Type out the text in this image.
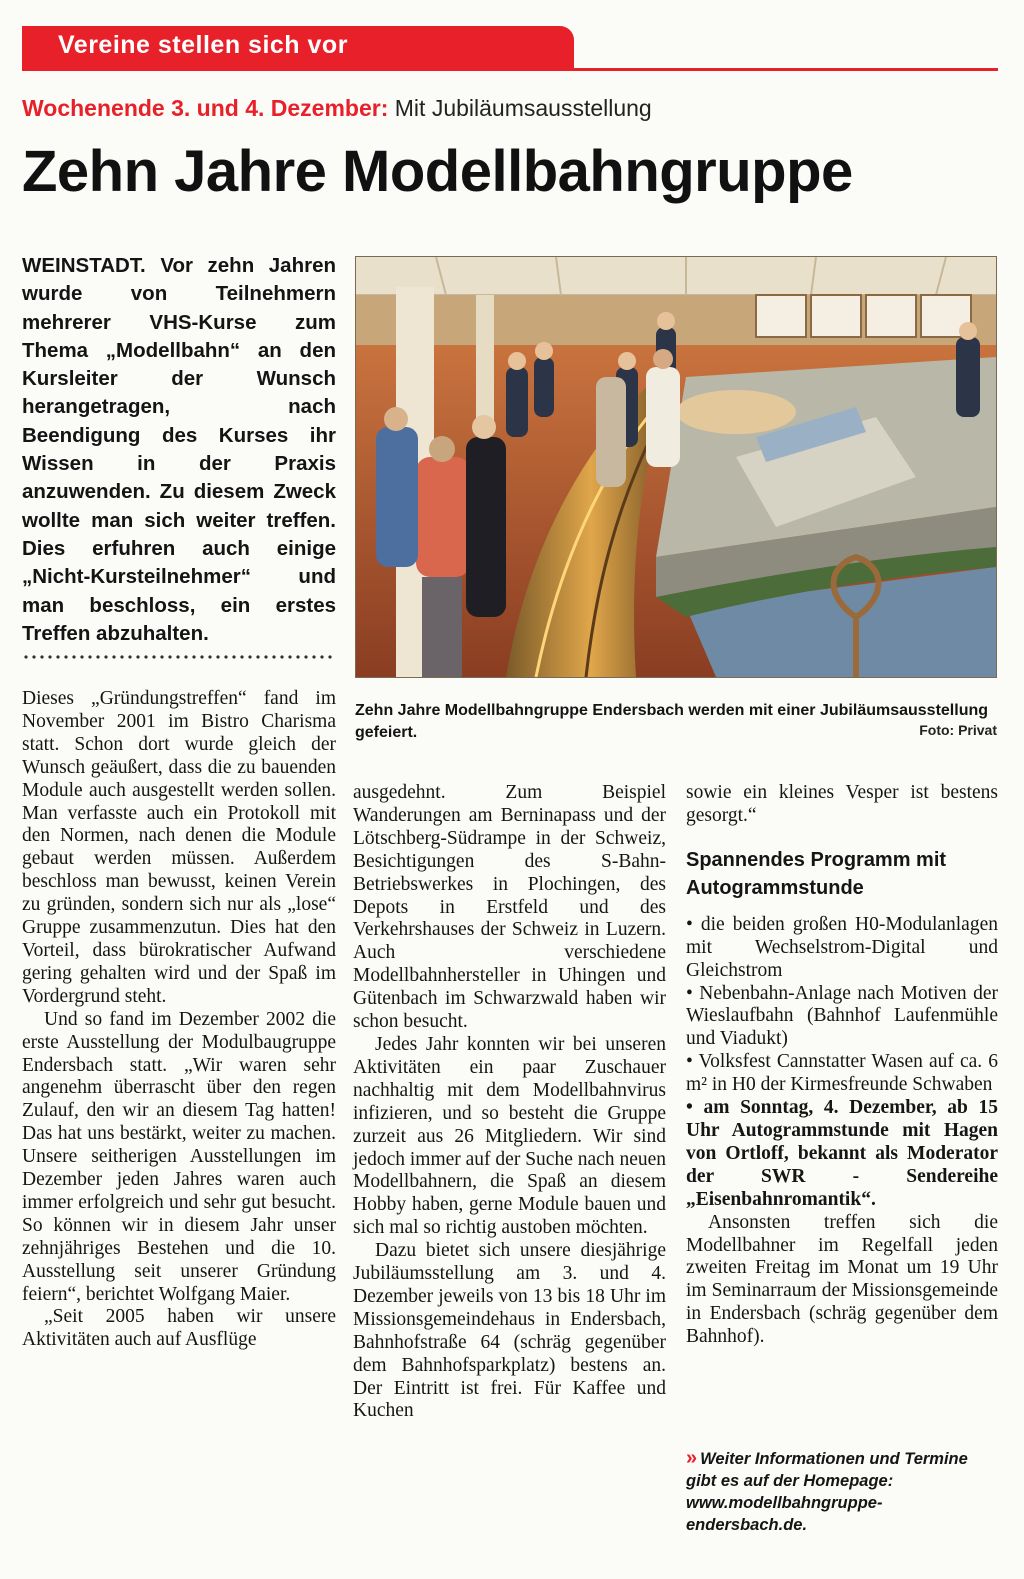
Vereine stellen sich vor
Wochenende 3. und 4. Dezember: Mit Jubiläumsausstellung
Zehn Jahre Modellbahngruppe
WEINSTADT. Vor zehn Jahren wurde von Teilnehmern mehrerer VHS-Kurse zum Thema „Modellbahn“ an den Kursleiter der Wunsch herangetragen, nach Beendigung des Kurses ihr Wissen in der Praxis anzuwenden. Zu diesem Zweck wollte man sich weiter treffen. Dies erfuhren auch einige „Nicht-Kursteilnehmer“ und man beschloss, ein erstes Treffen abzuhalten.
Zehn Jahre Modellbahngruppe Endersbach werden mit einer Jubiläumsausstellung gefeiert.	Foto: Privat

Dieses „Gründungstreffen“ fand im November 2001 im Bistro Charisma statt. Schon dort wurde gleich der Wunsch geäußert, dass die zu bauenden Module auch ausgestellt werden sollen. Man verfasste auch ein Protokoll mit den Normen, nach denen die Module gebaut werden müssen. Außerdem beschloss man bewusst, keinen Verein zu gründen, sondern sich nur als „lose“ Gruppe zusammenzutun. Dies hat den Vorteil, dass bürokratischer Aufwand gering gehalten wird und der Spaß im Vordergrund steht.

Und so fand im Dezember 2002 die erste Ausstellung der Modulbaugruppe Endersbach statt. „Wir waren sehr angenehm überrascht über den regen Zulauf, den wir an diesem Tag hatten! Das hat uns bestärkt, weiter zu machen. Unsere seitherigen Ausstellungen im Dezember jeden Jahres waren auch immer erfolgreich und sehr gut besucht. So können wir in diesem Jahr unser zehnjähriges Bestehen und die 10. Ausstellung seit unserer Gründung feiern“, berichtet Wolfgang Maier.

„Seit 2005 haben wir unsere Aktivitäten auch auf Ausflüge

ausgedehnt. Zum Beispiel Wanderungen am Berninapass und der Lötschberg-Südrampe in der Schweiz, Besichtigungen des S-Bahn-Betriebswerkes in Plochingen, des Depots in Erstfeld und des Verkehrshauses der Schweiz in Luzern. Auch verschiedene Modellbahnhersteller in Uhingen und Gütenbach im Schwarzwald haben wir schon besucht.

Jedes Jahr konnten wir bei unseren Aktivitäten ein paar Zuschauer nachhaltig mit dem Modellbahnvirus infizieren, und so besteht die Gruppe zurzeit aus 26 Mitgliedern. Wir sind jedoch immer auf der Suche nach neuen Modellbahnern, die Spaß an diesem Hobby haben, gerne Module bauen und sich mal so richtig austoben möchten.

Dazu bietet sich unsere diesjährige Jubiläumsstellung am 3. und 4. Dezember jeweils von 13 bis 18 Uhr im Missionsgemeindehaus in Endersbach, Bahnhofstraße 64 (schräg gegenüber dem Bahnhofsparkplatz) bestens an. Der Eintritt ist frei. Für Kaffee und Kuchen

sowie ein kleines Vesper ist bestens gesorgt.“

Spannendes Programm mit Autogrammstunde

• die beiden großen H0-Modulanlagen mit Wechselstrom-Digital und Gleichstrom

• Nebenbahn-Anlage nach Motiven der Wieslaufbahn (Bahnhof Laufenmühle und Viadukt)

• Volksfest Cannstatter Wasen auf ca. 6 m² in H0 der Kirmesfreunde Schwaben

• am Sonntag, 4. Dezember, ab 15 Uhr Autogrammstunde mit Hagen von Ortloff, bekannt als Moderator der SWR - Sendereihe „Eisenbahnromantik“.

Ansonsten treffen sich die Modellbahner im Regelfall jeden zweiten Freitag im Monat um 19 Uhr im Seminarraum der Missionsgemeinde in Endersbach (schräg gegenüber dem Bahnhof).

» Weiter Informationen und Termine gibt es auf der Homepage: www.modellbahngruppe-endersbach.de.
